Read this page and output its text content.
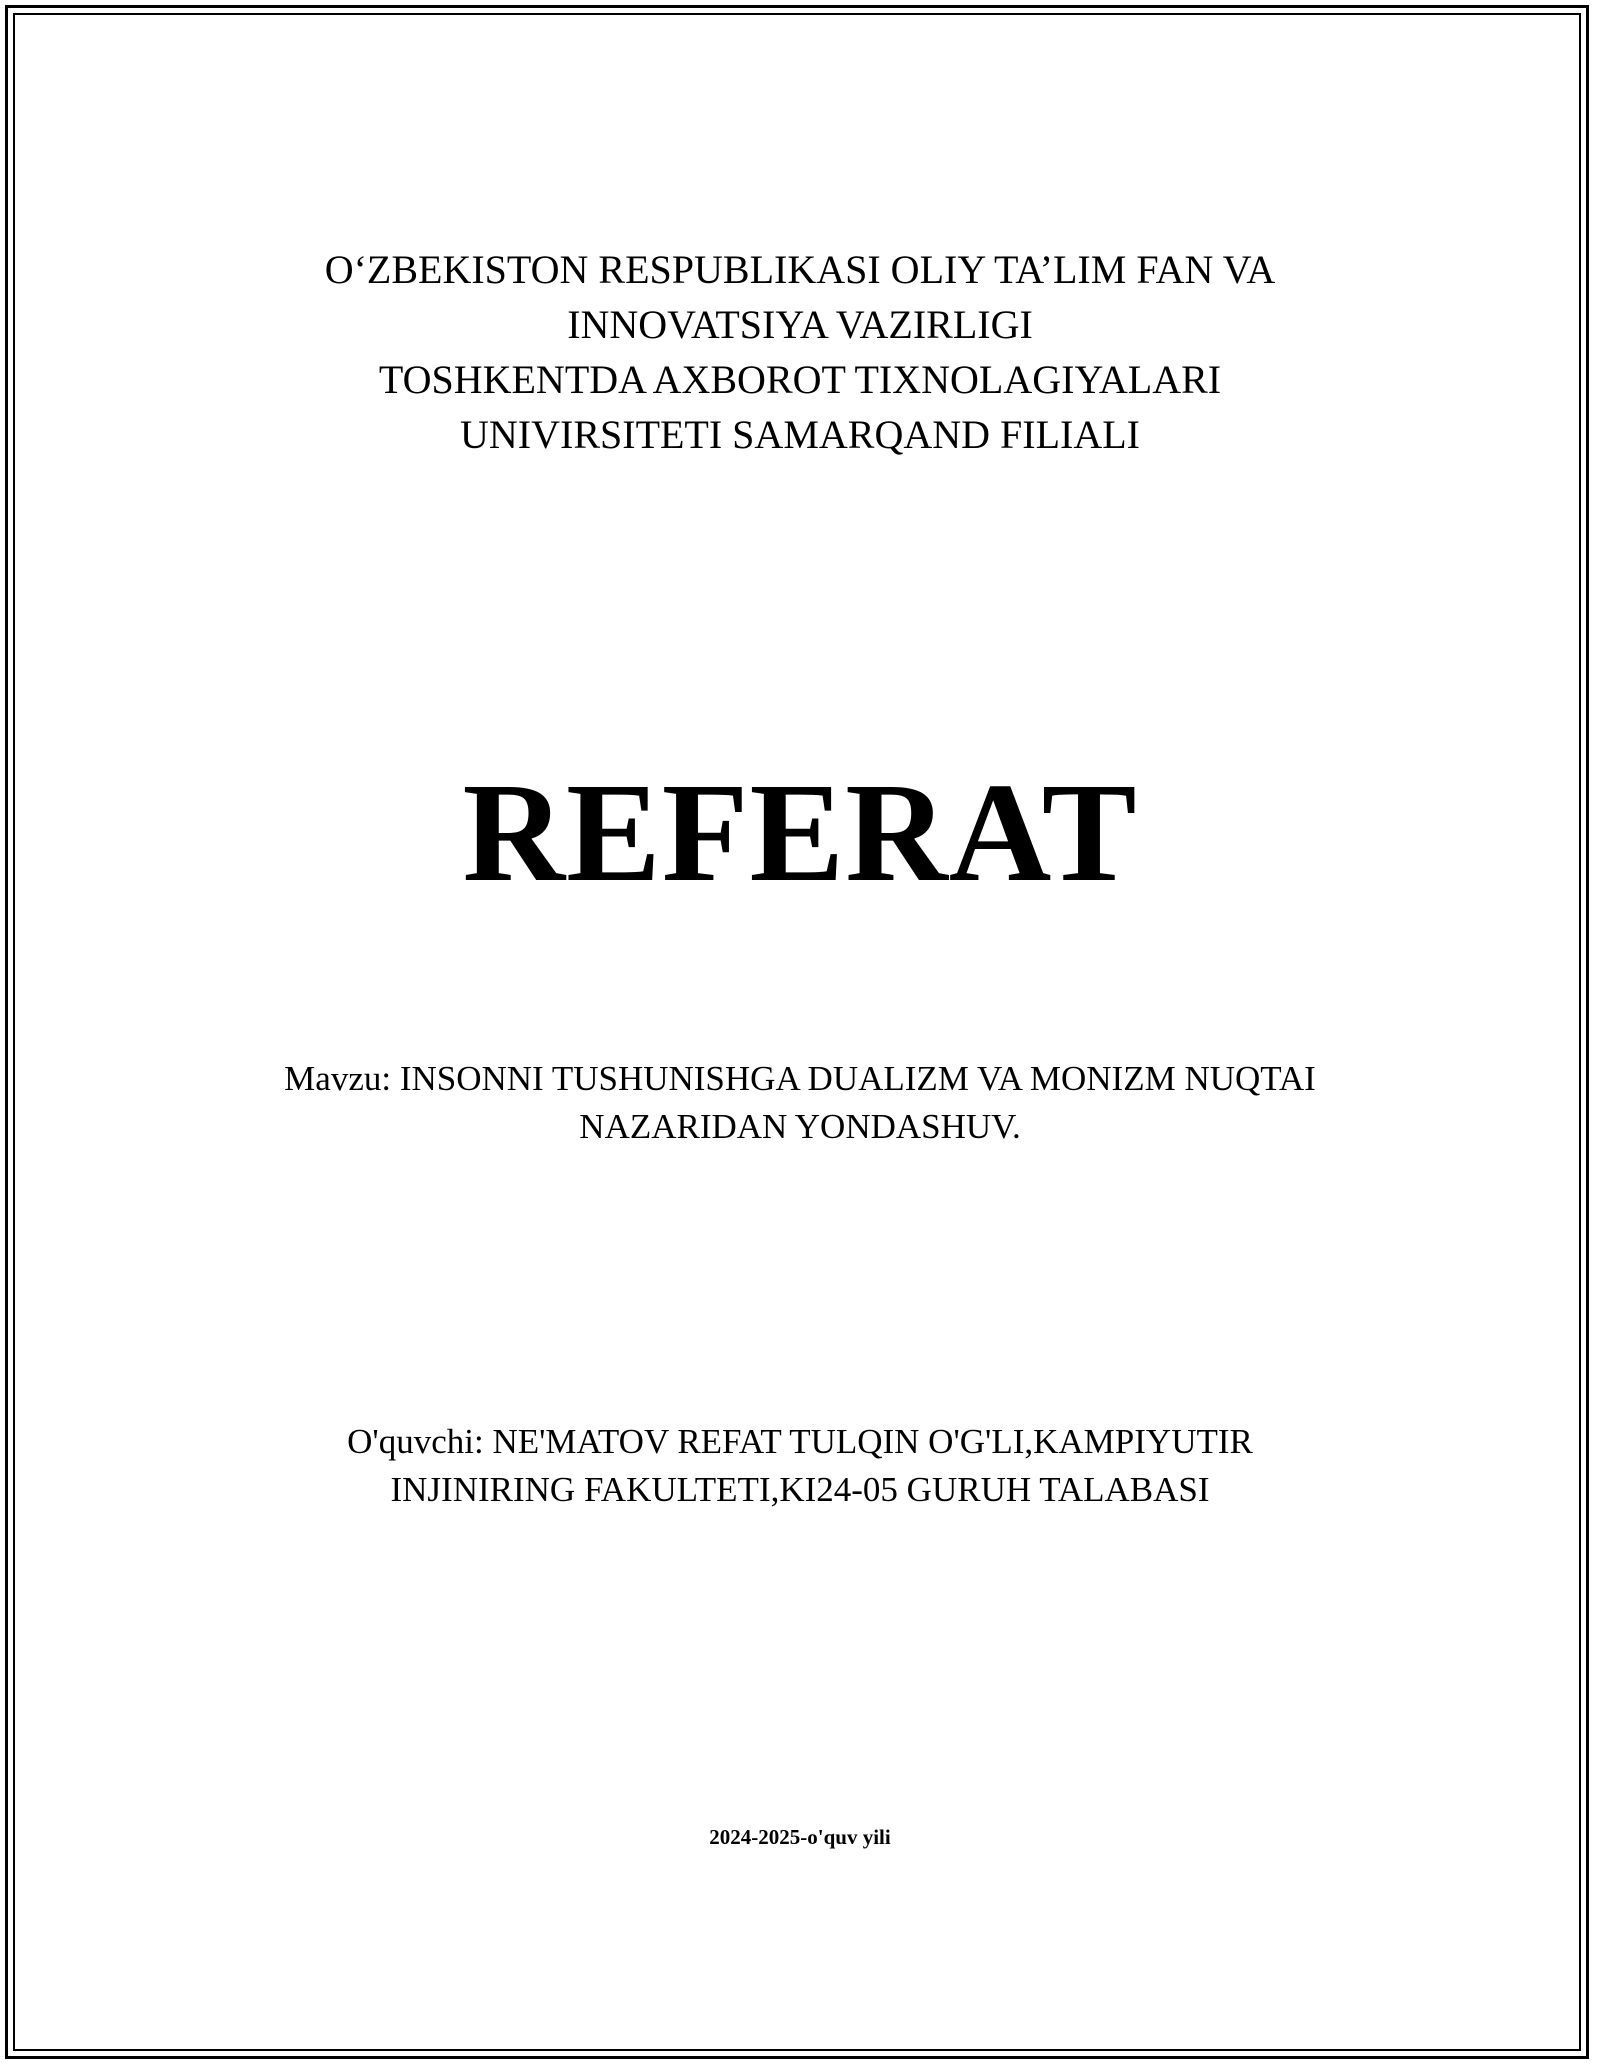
O‘ZBEKISTON RESPUBLIKASI OLIY TA’LIM FAN VA
INNOVATSIYA VAZIRLIGI
TOSHKENTDA AXBOROT TIXNOLAGIYALARI
UNIVIRSITETI SAMARQAND FILIALI
REFERAT
Mavzu: INSONNI TUSHUNISHGA DUALIZM VA MONIZM NUQTAI
NAZARIDAN YONDASHUV.
O'quvchi: NE'MATOV REFAT TULQIN O'G'LI,KAMPIYUTIR
INJINIRING FAKULTETI,KI24-05 GURUH TALABASI
2024-2025-o'quv yili
